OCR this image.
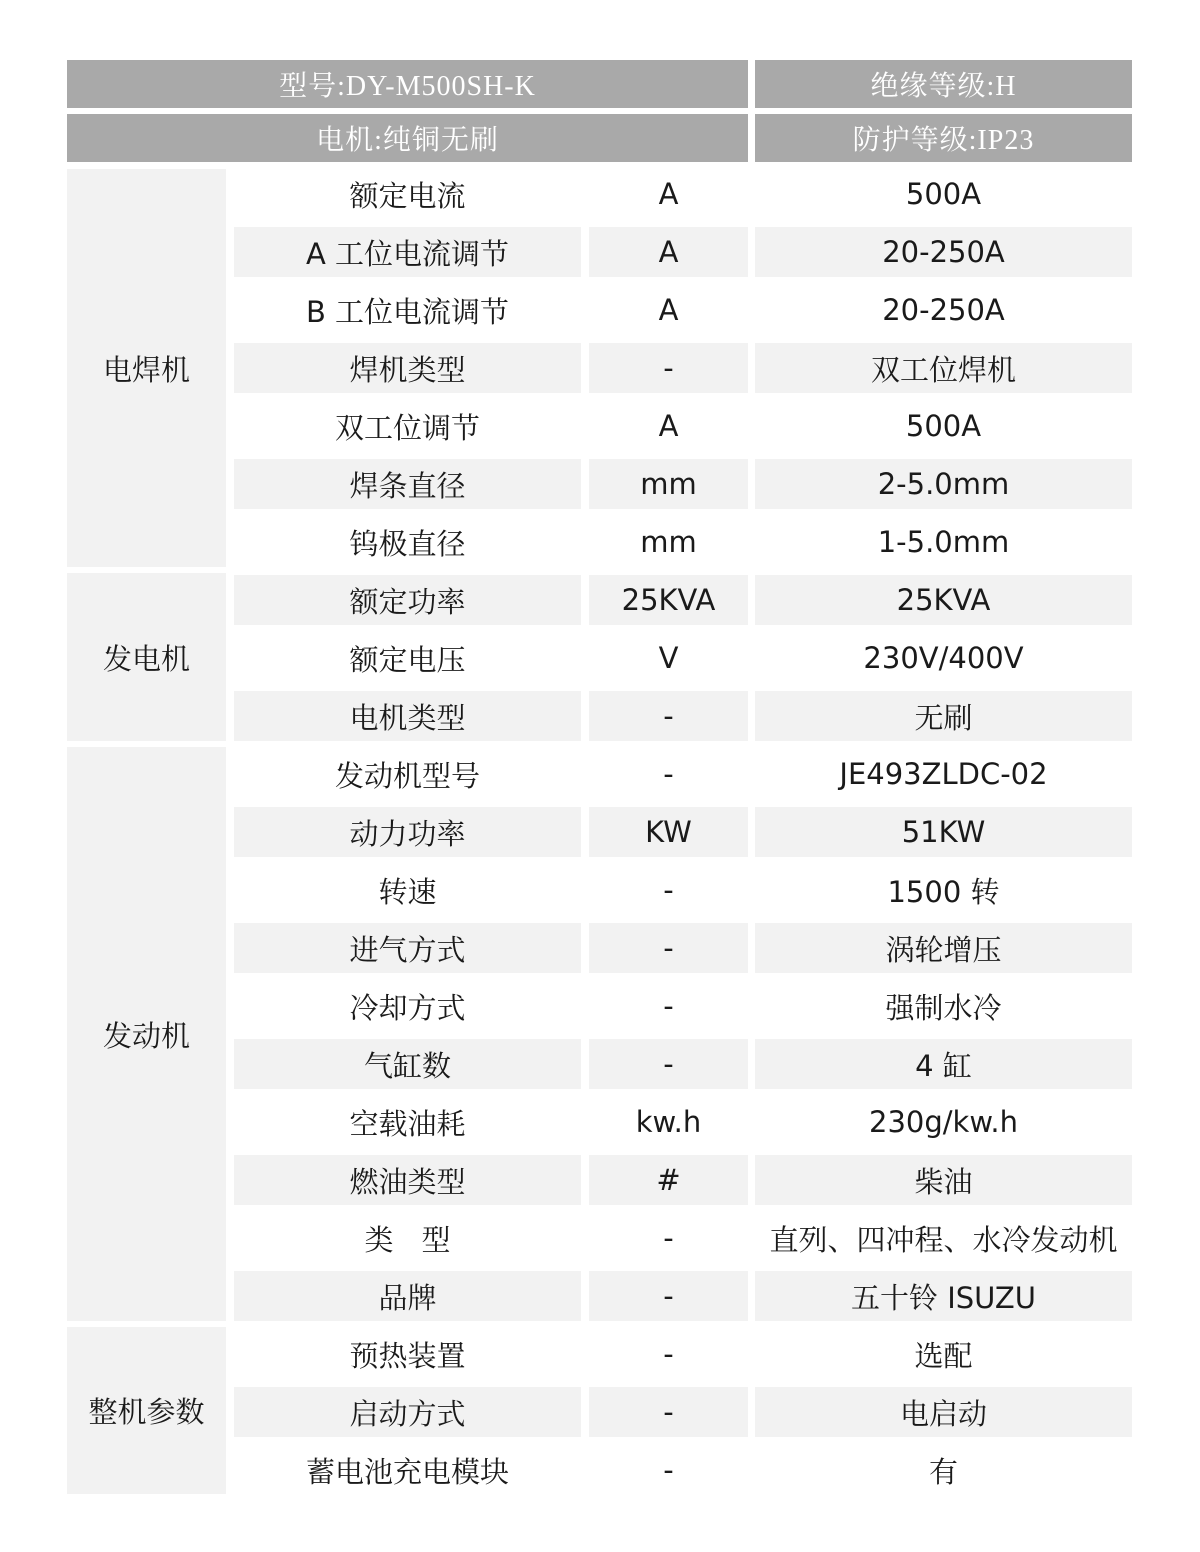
型号:DY-M500SH-K	绝缘等级:H
电机:纯铜无刷	防护等级:IP23
电焊机
额定电流	A	500A
A 工位电流调节	A	20-250A
B 工位电流调节	A	20-250A
焊机类型	-	双工位焊机
双工位调节	A	500A
焊条直径	mm	2-5.0mm
钨极直径	mm	1-5.0mm
发电机
额定功率	25KVA	25KVA
额定电压	V	230V/400V
电机类型	-	无刷
发动机
发动机型号	-	JE493ZLDC-02
动力功率	KW	51KW
转速	-	1500 转
进气方式	-	涡轮增压
冷却方式	-	强制水冷
气缸数	-	4 缸
空载油耗	kw.h	230g/kw.h
燃油类型	#	柴油
类型	-	直列、四冲程、水冷发动机
品牌	-	五十铃 ISUZU
整机参数
预热装置	-	选配
启动方式	-	电启动
蓄电池充电模块	-	有
